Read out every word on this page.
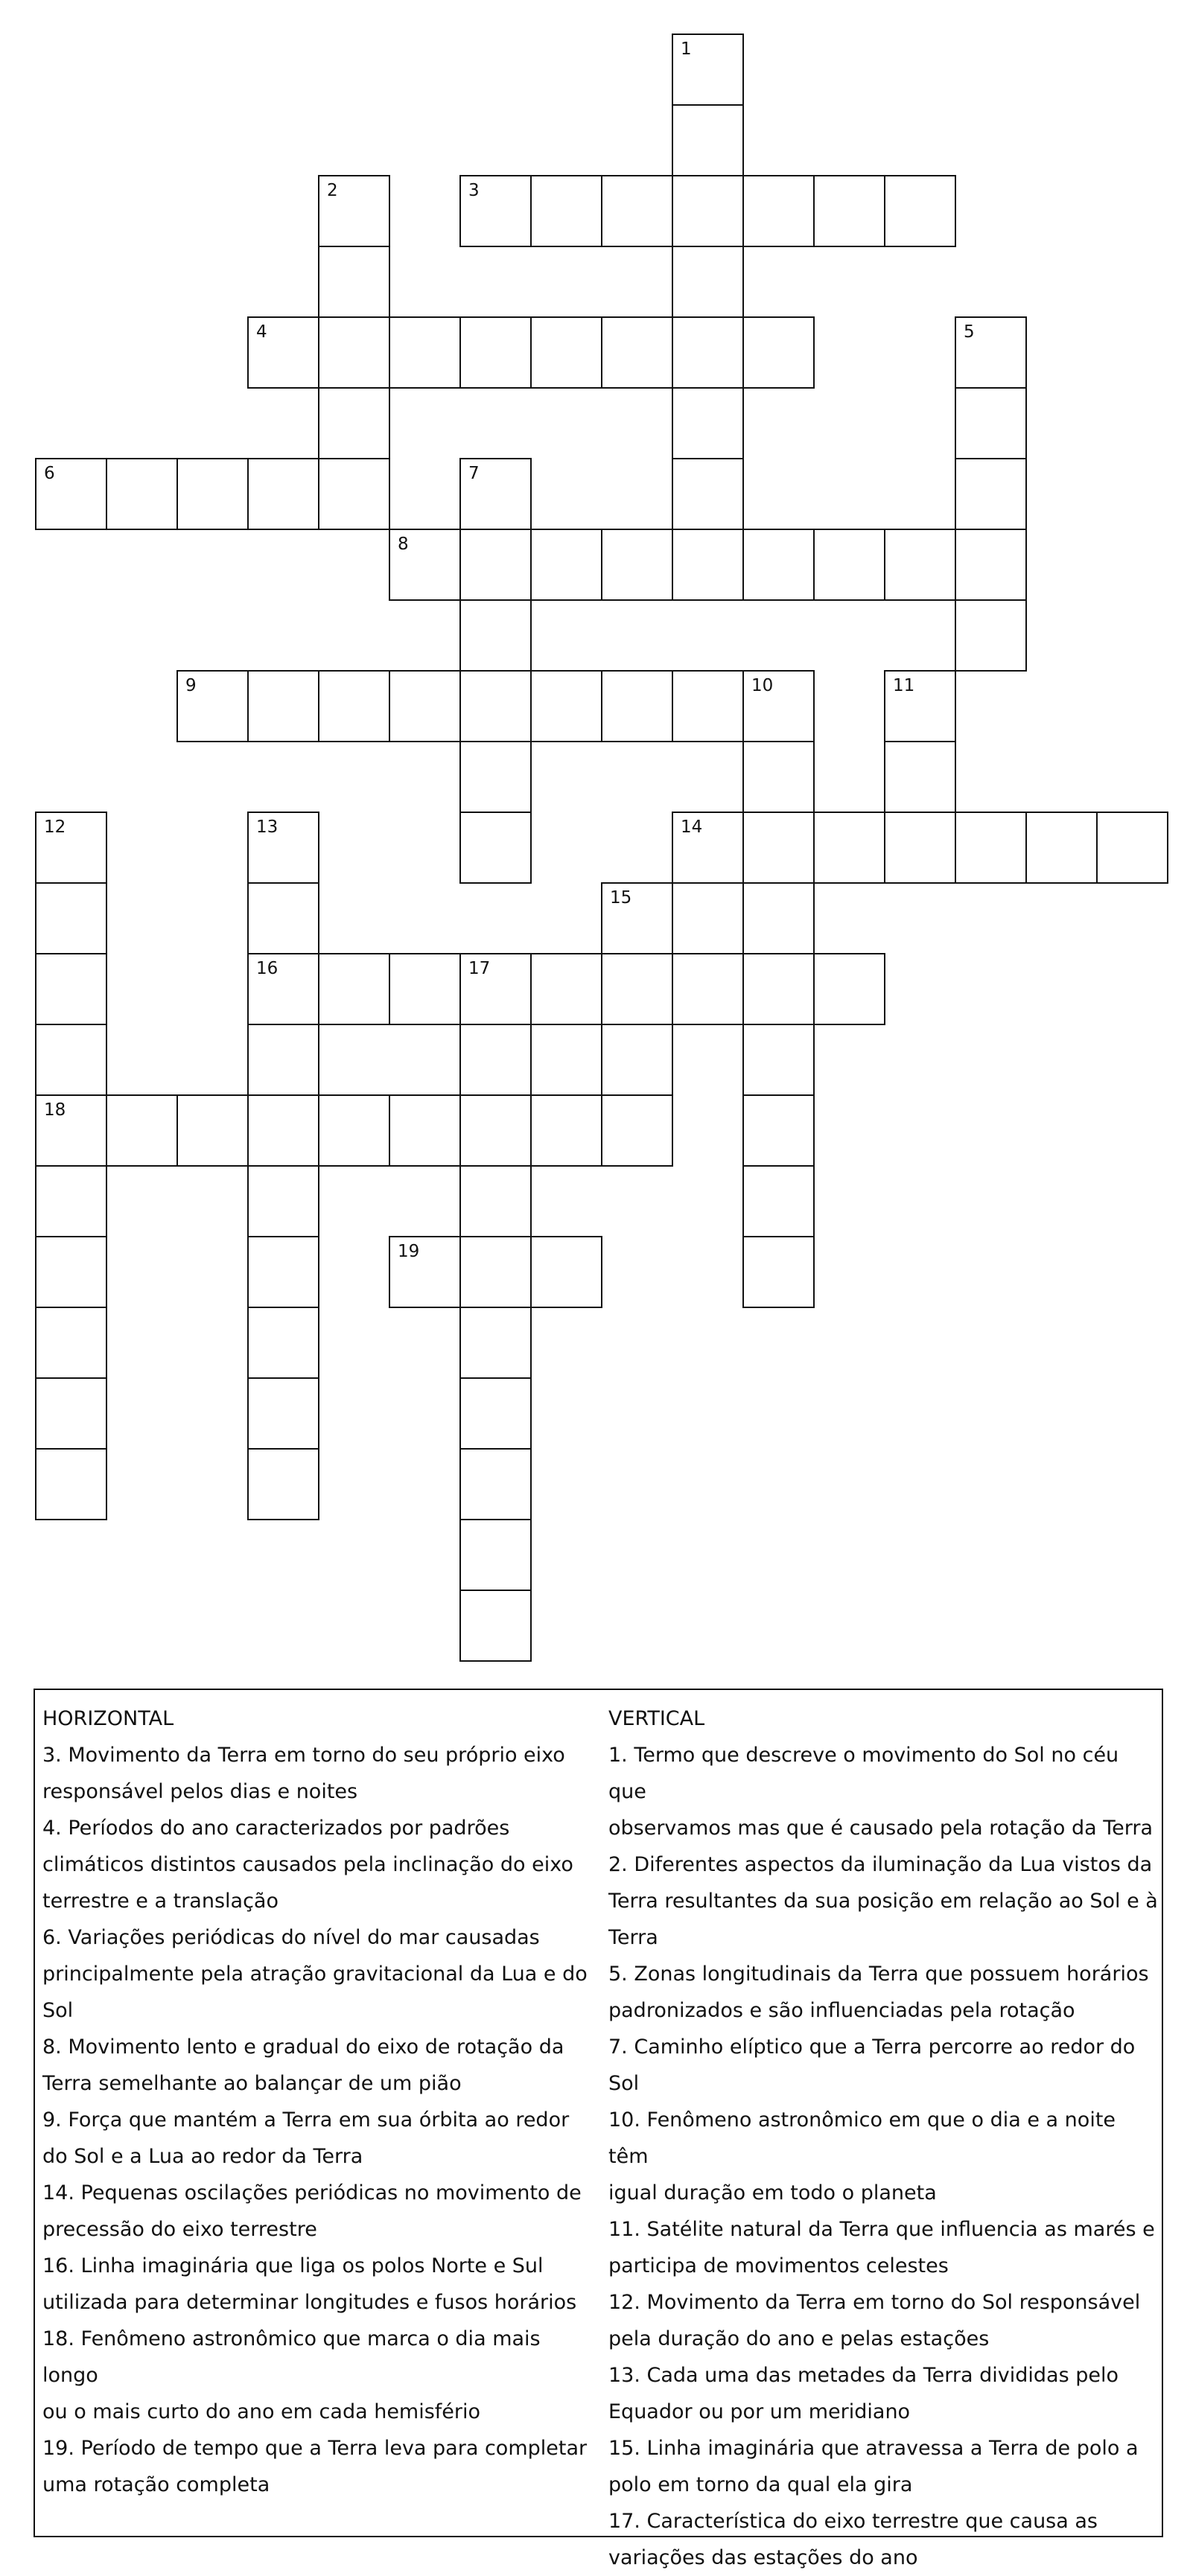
1
2	3
4	5
6	7
8
9	10	11
12	13	14
15
16	17
18
19
HORIZONTAL
3. Movimento da Terra em torno do seu próprio eixo
responsável pelos dias e noites
4. Períodos do ano caracterizados por padrões
climáticos distintos causados pela inclinação do eixo
terrestre e a translação
6. Variações periódicas do nível do mar causadas
principalmente pela atração gravitacional da Lua e do
Sol
8. Movimento lento e gradual do eixo de rotação da
Terra semelhante ao balançar de um pião
9. Força que mantém a Terra em sua órbita ao redor
do Sol e a Lua ao redor da Terra
14. Pequenas oscilações periódicas no movimento de
precessão do eixo terrestre
16. Linha imaginária que liga os polos Norte e Sul
utilizada para determinar longitudes e fusos horários
18. Fenômeno astronômico que marca o dia mais longo
ou o mais curto do ano em cada hemisfério
19. Período de tempo que a Terra leva para completar
uma rotação completa
VERTICAL
1. Termo que descreve o movimento do Sol no céu que
observamos mas que é causado pela rotação da Terra
2. Diferentes aspectos da iluminação da Lua vistos da
Terra resultantes da sua posição em relação ao Sol e à
Terra
5. Zonas longitudinais da Terra que possuem horários
padronizados e são influenciadas pela rotação
7. Caminho elíptico que a Terra percorre ao redor do
Sol
10. Fenômeno astronômico em que o dia e a noite têm
igual duração em todo o planeta
11. Satélite natural da Terra que influencia as marés e
participa de movimentos celestes
12. Movimento da Terra em torno do Sol responsável
pela duração do ano e pelas estações
13. Cada uma das metades da Terra divididas pelo
Equador ou por um meridiano
15. Linha imaginária que atravessa a Terra de polo a
polo em torno da qual ela gira
17. Característica do eixo terrestre que causa as
variações das estações do ano
